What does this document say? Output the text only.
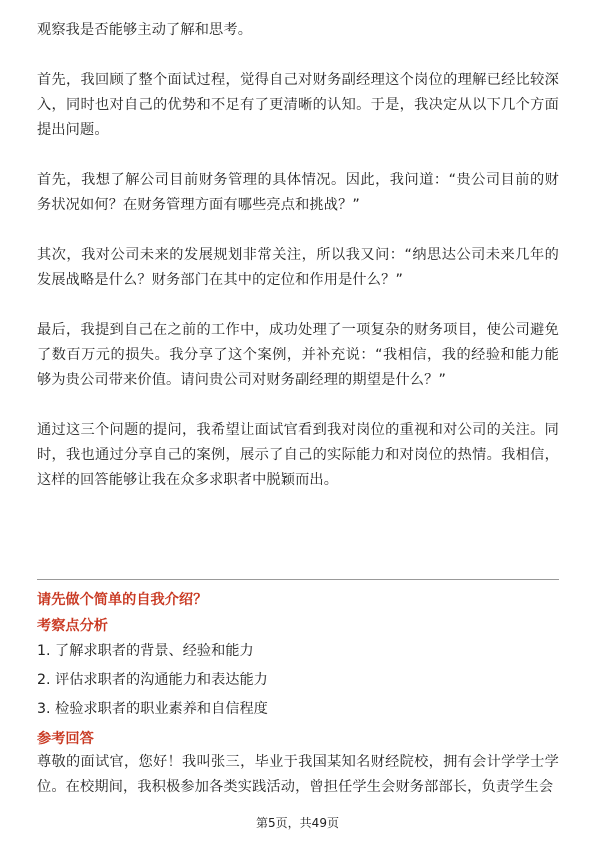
观察我是否能够主动了解和思考。

首先，我回顾了整个面试过程，觉得自己对财务副经理这个岗位的理解已经比较深入，同时也对自己的优势和不足有了更清晰的认知。于是，我决定从以下几个方面提出问题。

首先，我想了解公司目前财务管理的具体情况。因此，我问道：“贵公司目前的财务状况如何？在财务管理方面有哪些亮点和挑战？”

其次，我对公司未来的发展规划非常关注，所以我又问：“纳思达公司未来几年的发展战略是什么？财务部门在其中的定位和作用是什么？”

最后，我提到自己在之前的工作中，成功处理了一项复杂的财务项目，使公司避免了数百万元的损失。我分享了这个案例，并补充说：“我相信，我的经验和能力能够为贵公司带来价值。请问贵公司对财务副经理的期望是什么？”

通过这三个问题的提问，我希望让面试官看到我对岗位的重视和对公司的关注。同时，我也通过分享自己的案例，展示了自己的实际能力和对岗位的热情。我相信，这样的回答能够让我在众多求职者中脱颖而出。

请先做个简单的自我介绍？

考察点分析

1. 了解求职者的背景、经验和能力
2. 评估求职者的沟通能力和表达能力
3. 检验求职者的职业素养和自信程度

参考回答

尊敬的面试官，您好！我叫张三，毕业于我国某知名财经院校，拥有会计学学士学位。在校期间，我积极参加各类实践活动，曾担任学生会财务部部长，负责学生会

第5页，共49页
